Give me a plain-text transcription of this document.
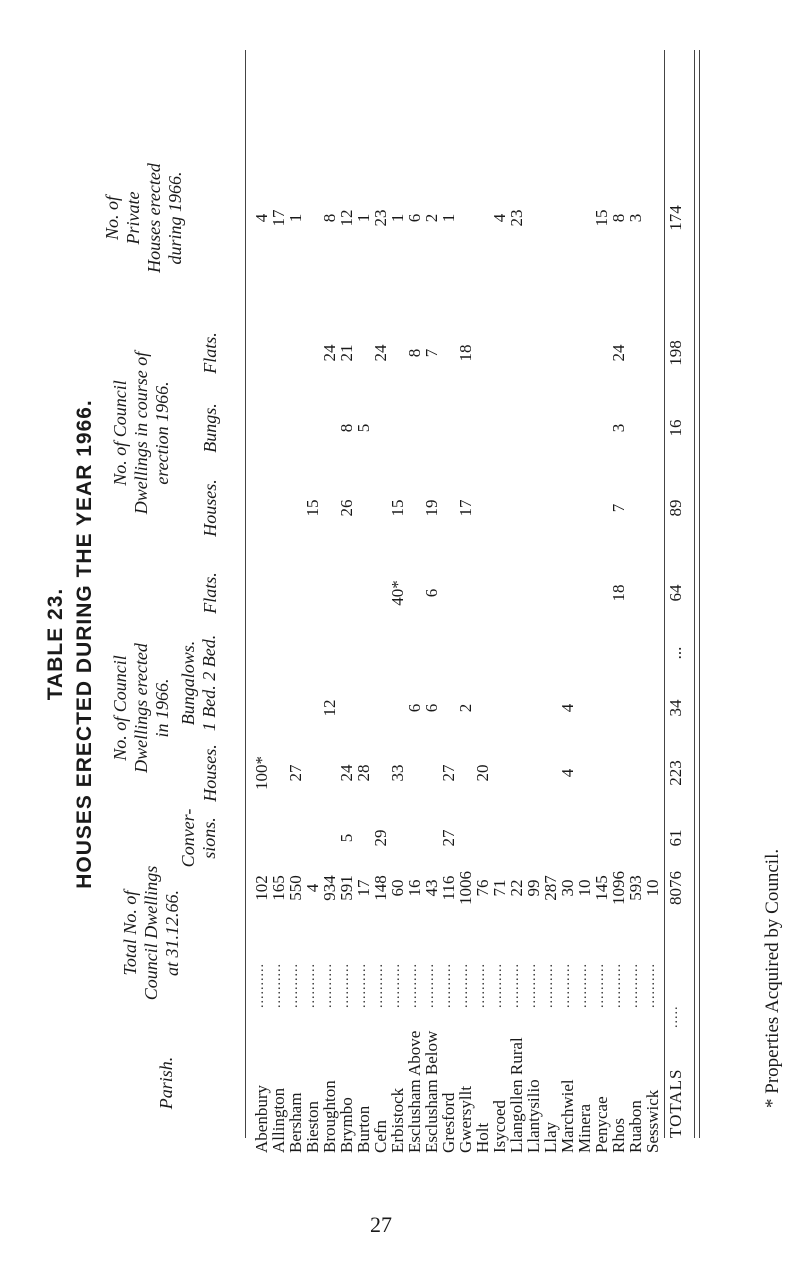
27
TABLE 23. HOUSES ERECTED DURING THE YEAR 1966.
Parish.
Total No. of Council Dwellings at 31.12.66.
No. of Council Dwellings erected in 1966.
Conver- sions.
Houses.
Bungalows. 1 Bed. 2 Bed.
Flats.
No. of Council Dwellings in course of erection 1966.
Houses.
Bungs.
Flats.
No. of Private Houses erected during 1966.
Abenbury
..........
102
100*
4
Allington
..........
165
17
Bersham
..........
550
27
1
Bieston
..........
4
15
Broughton
..........
934
12
24
8
Brymbo
..........
591
5
24
26
8
21
12
Burton
..........
17
28
5
1
Cefn
..........
148
29
24
23
Erbistock
..........
60
33
40*
15
1
Esclusham Above
..........
16
6
8
6
Esclusham Below
..........
43
6
6
19
7
2
Gresford
..........
116
27
27
1
Gwersyllt
..........
1006
2
17
18
Holt
..........
76
20
Isycoed
..........
71
4
Llangollen Rural
..........
22
23
Llantysilio
..........
99
Llay
..........
287
Marchwiel
..........
30
4
4
Minera
..........
10
Penycae
..........
145
15
Rhos
..........
1096
18
7
3
24
8
Ruabon
..........
593
3
Sesswick
..........
10
TOTALS
.....
8076
61
223
34
...
64
89
16
198
174
* Properties Acquired by Council.
